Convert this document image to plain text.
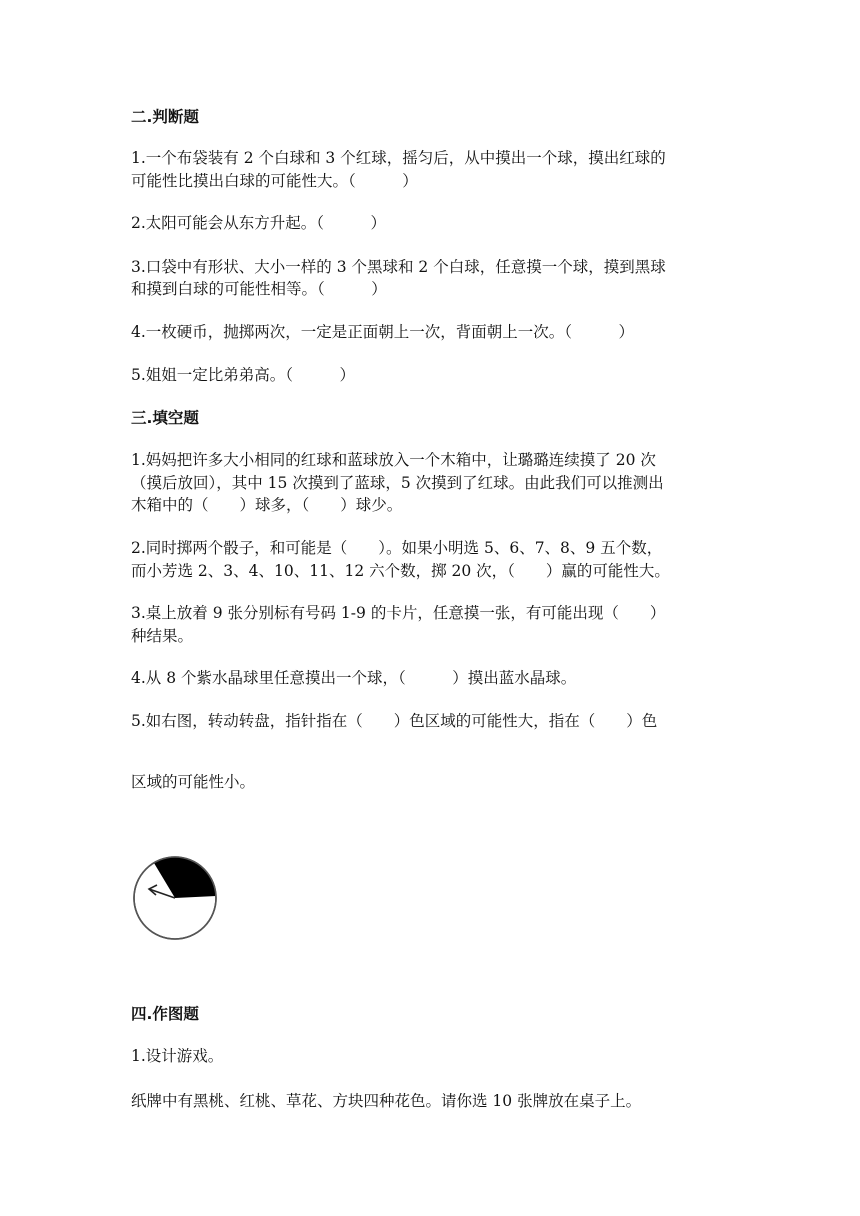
二.判断题

1.一个布袋装有 2 个白球和 3 个红球，摇匀后，从中摸出一个球，摸出红球的

可能性比摸出白球的可能性大。（　　　）

2.太阳可能会从东方升起。（　　　）

3.口袋中有形状、大小一样的 3 个黑球和 2 个白球，任意摸一个球，摸到黑球

和摸到白球的可能性相等。（　　　）

4.一枚硬币，抛掷两次，一定是正面朝上一次，背面朝上一次。（　　　）

5.姐姐一定比弟弟高。（　　　）

三.填空题

1.妈妈把许多大小相同的红球和蓝球放入一个木箱中，让璐璐连续摸了 20 次

（摸后放回），其中 15 次摸到了蓝球，5 次摸到了红球。由此我们可以推测出

木箱中的（　　）球多，（　　）球少。

2.同时掷两个骰子，和可能是（　　）。如果小明选 5、6、7、8、9 五个数，

而小芳选 2、3、4、10、11、12 六个数，掷 20 次，（　　）赢的可能性大。

3.桌上放着 9 张分别标有号码 1-9 的卡片，任意摸一张，有可能出现（　　）

种结果。

4.从 8 个紫水晶球里任意摸出一个球，（　　　）摸出蓝水晶球。

5.如右图，转动转盘，指针指在（　　）色区域的可能性大，指在（　　）色

区域的可能性小。

四.作图题

1.设计游戏。

纸牌中有黑桃、红桃、草花、方块四种花色。请你选 10 张牌放在桌子上。
